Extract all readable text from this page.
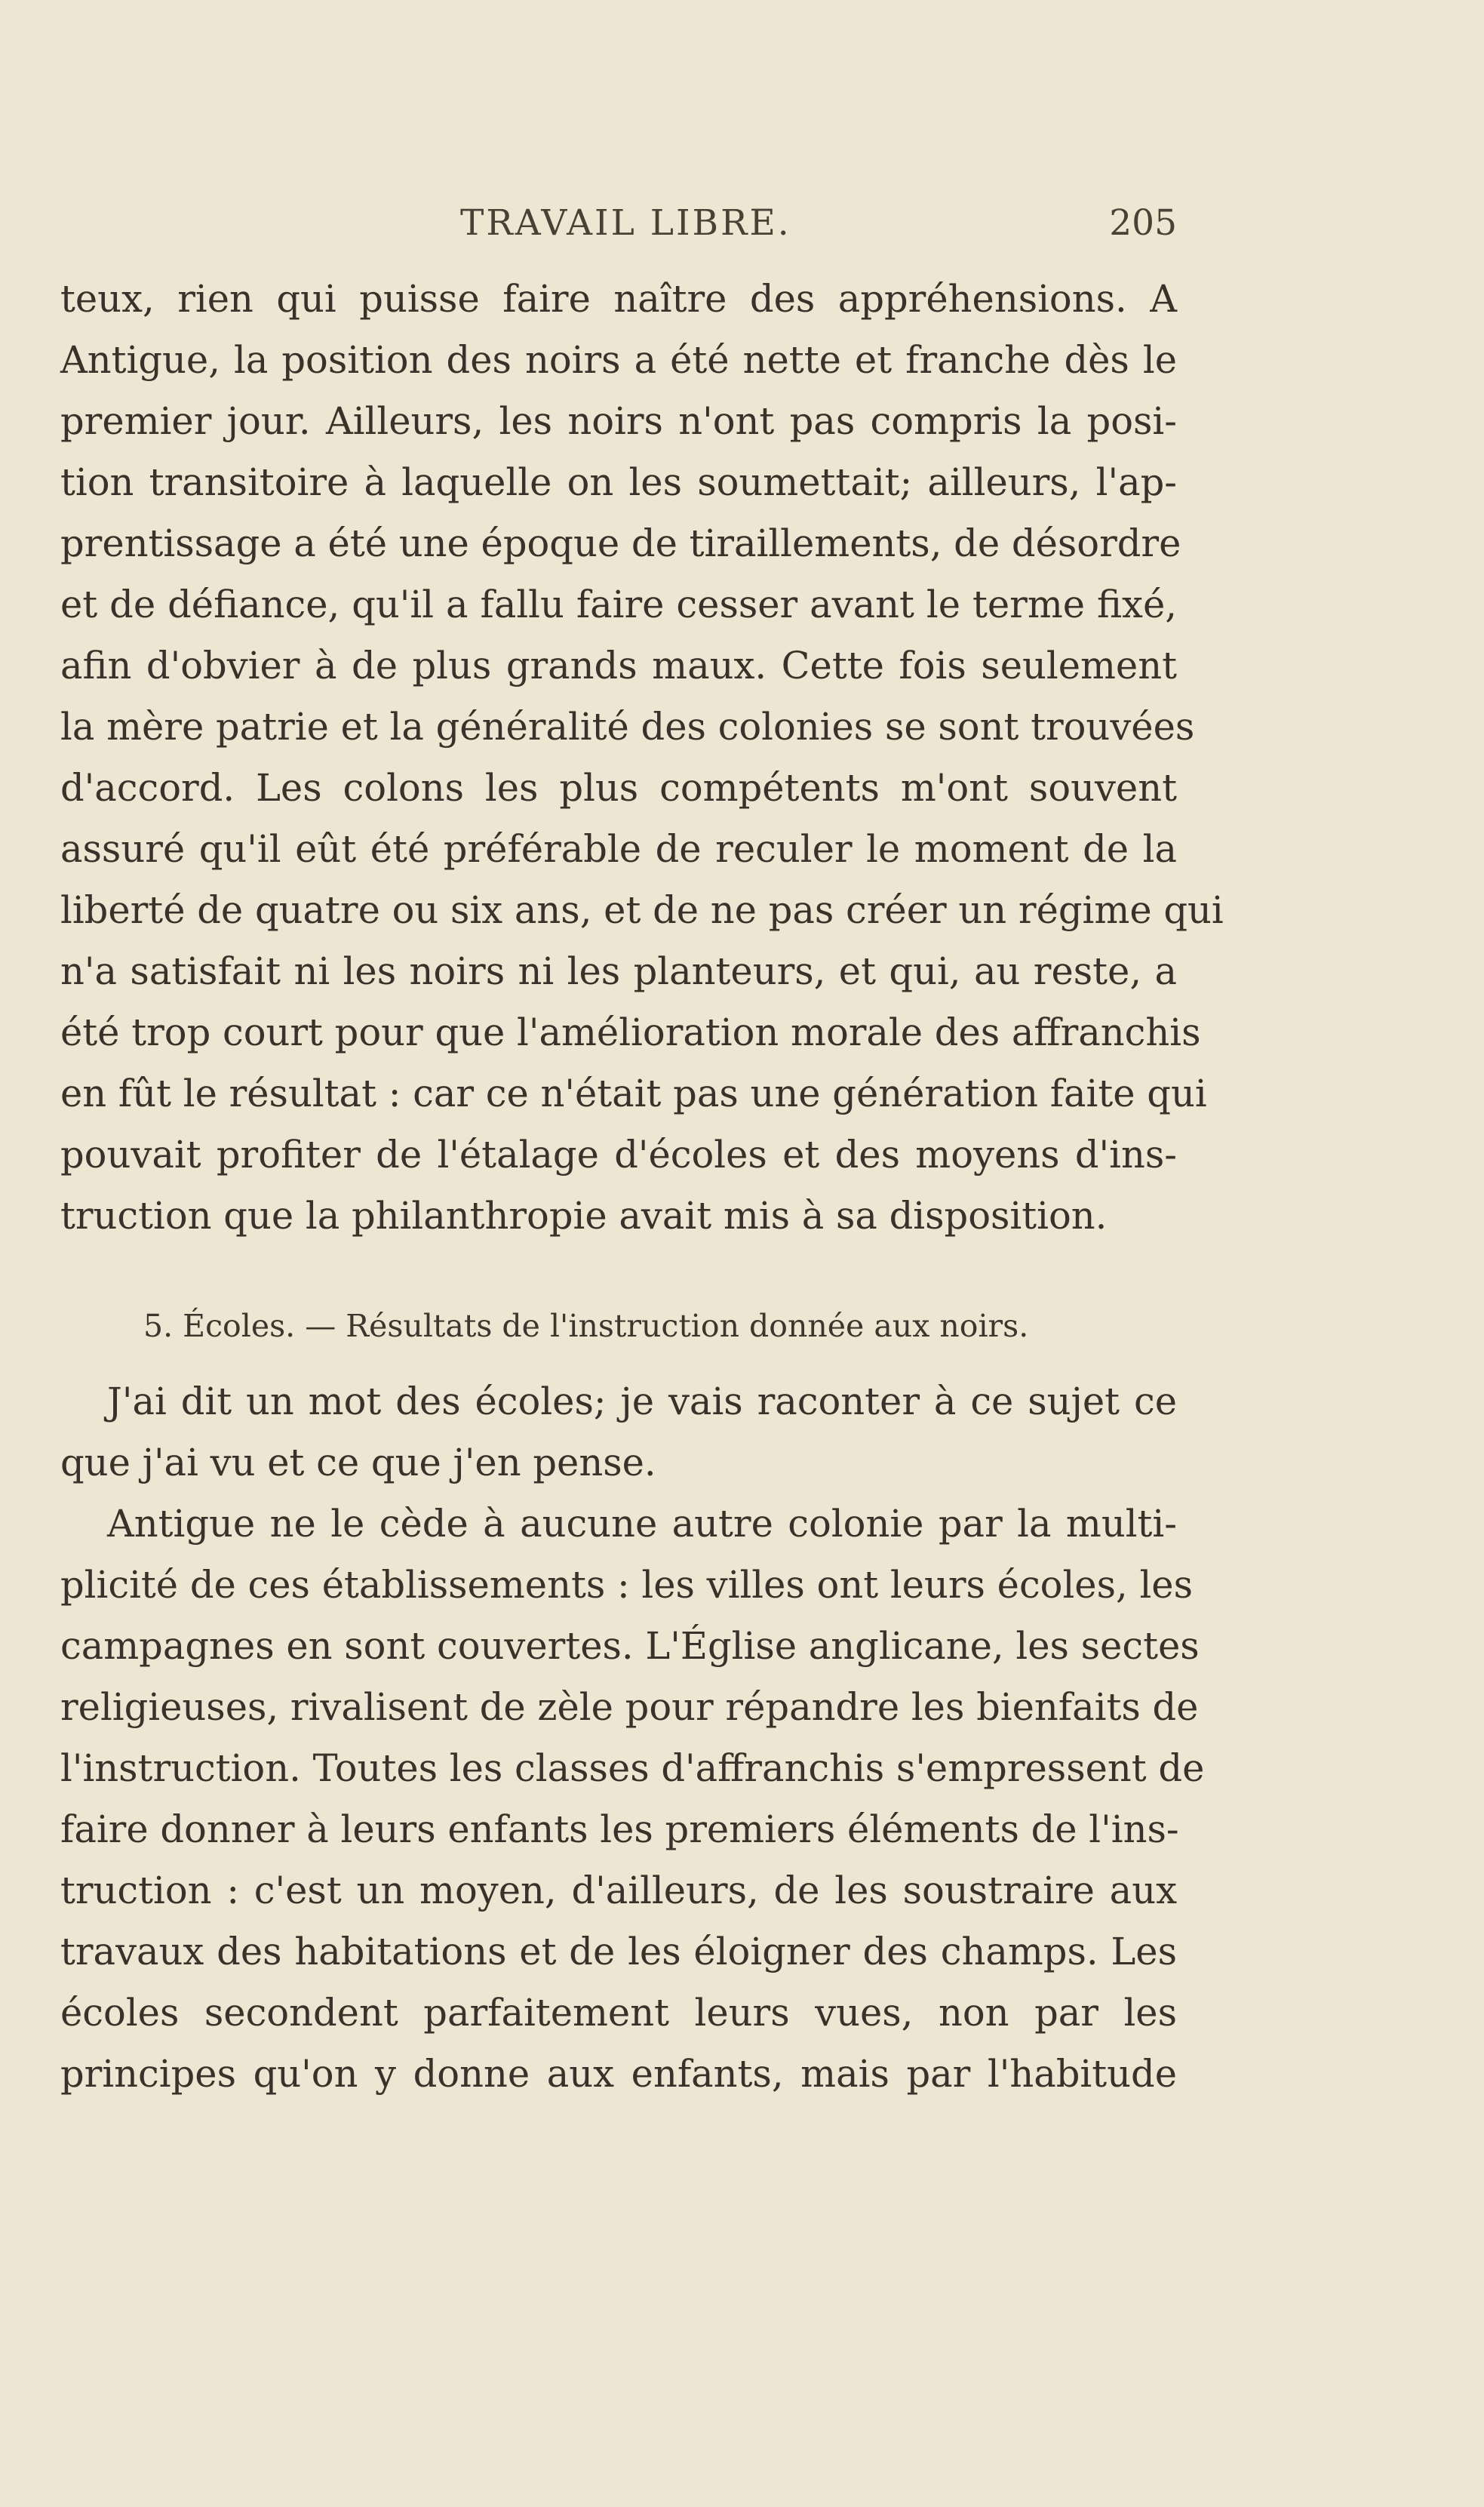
TRAVAIL LIBRE.	205
teux, rien qui puisse faire naître des appréhensions. A
Antigue, la position des noirs a été nette et franche dès le
premier jour. Ailleurs, les noirs n'ont pas compris la posi-
tion transitoire à laquelle on les soumettait; ailleurs, l'ap-
prentissage a été une époque de tiraillements, de désordre
et de défiance, qu'il a fallu faire cesser avant le terme fixé,
afin d'obvier à de plus grands maux. Cette fois seulement
la mère patrie et la généralité des colonies se sont trouvées
d'accord. Les colons les plus compétents m'ont souvent
assuré qu'il eût été préférable de reculer le moment de la
liberté de quatre ou six ans, et de ne pas créer un régime qui
n'a satisfait ni les noirs ni les planteurs, et qui, au reste, a
été trop court pour que l'amélioration morale des affranchis
en fût le résultat : car ce n'était pas une génération faite qui
pouvait profiter de l'étalage d'écoles et des moyens d'ins-
truction que la philanthropie avait mis à sa disposition.
5. Écoles. — Résultats de l'instruction donnée aux noirs.
J'ai dit un mot des écoles; je vais raconter à ce sujet ce
que j'ai vu et ce que j'en pense.
Antigue ne le cède à aucune autre colonie par la multi-
plicité de ces établissements : les villes ont leurs écoles, les
campagnes en sont couvertes. L'Église anglicane, les sectes
religieuses, rivalisent de zèle pour répandre les bienfaits de
l'instruction. Toutes les classes d'affranchis s'empressent de
faire donner à leurs enfants les premiers éléments de l'ins-
truction : c'est un moyen, d'ailleurs, de les soustraire aux
travaux des habitations et de les éloigner des champs. Les
écoles secondent parfaitement leurs vues, non par les
principes qu'on y donne aux enfants, mais par l'habitude
